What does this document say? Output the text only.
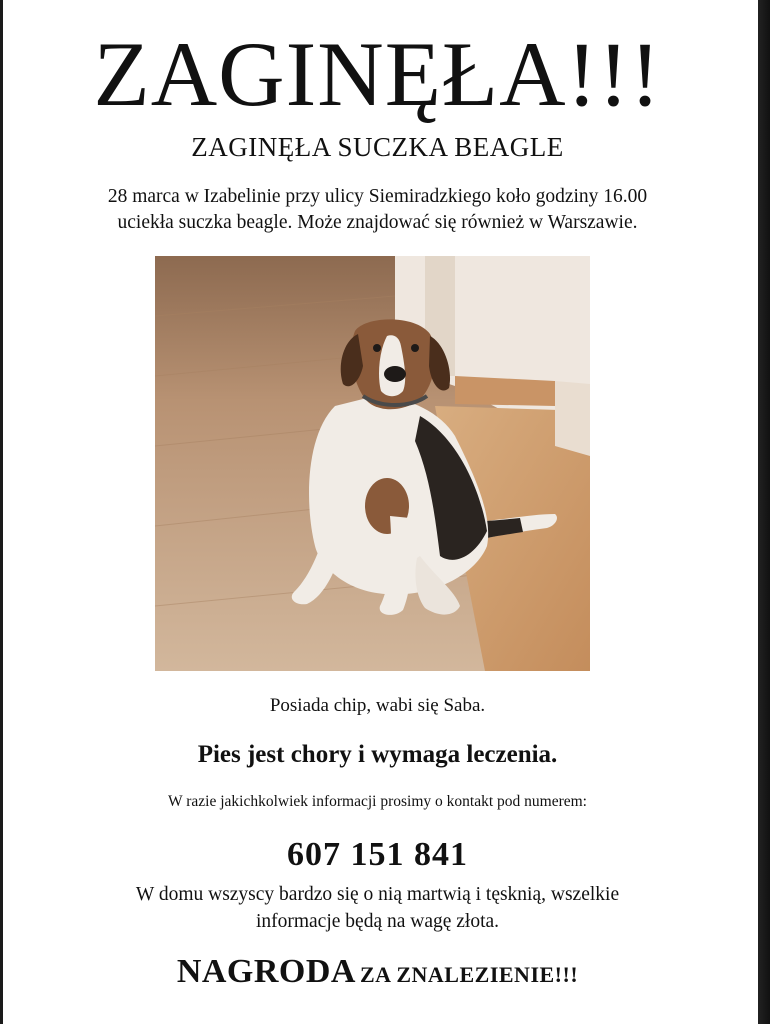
ZAGINĘŁA!!!
ZAGINĘŁA SUCZKA BEAGLE
28 marca w Izabelinie przy ulicy Siemiradzkiego koło godziny 16.00
uciekła suczka beagle. Może znajdować się również w Warszawie.
Posiada chip, wabi się Saba.
Pies jest chory i wymaga leczenia.
W razie jakichkolwiek informacji prosimy o kontakt pod numerem:
607 151 841
W domu wszyscy bardzo się o nią martwią i tęsknią, wszelkie
informacje będą na wagę złota.
NAGRODA ZA ZNALEZIENIE!!!
